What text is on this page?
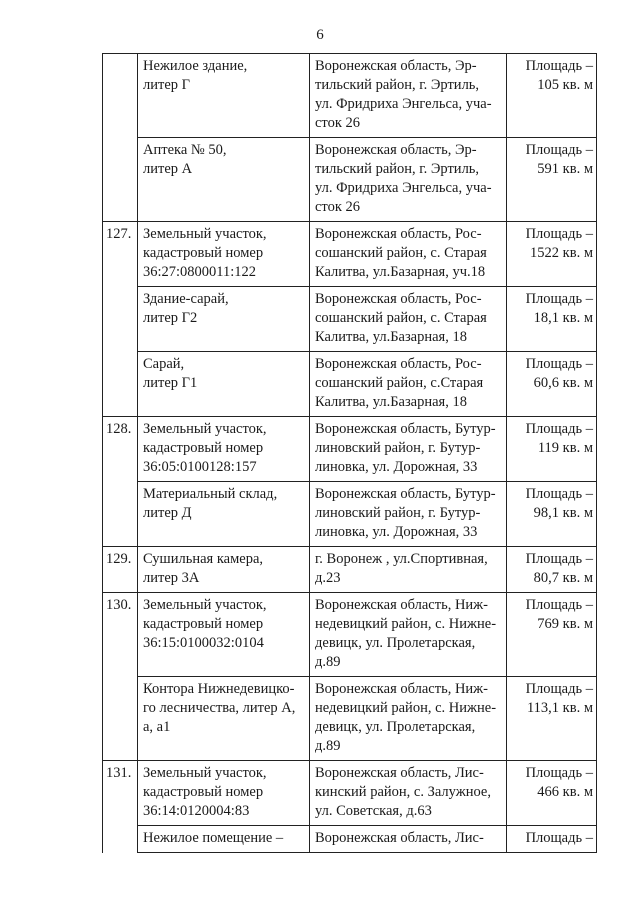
6
	Нежилое здание,
литер Г	Воронежская область, Эр-
тильский район, г. Эртиль,
ул. Фридриха Энгельса, уча-
сток 26	Площадь –
105 кв. м
	Аптека № 50,
литер А	Воронежская область, Эр-
тильский район, г. Эртиль,
ул. Фридриха Энгельса, уча-
сток 26	Площадь –
591 кв. м
127.	Земельный участок,
кадастровый номер
36:27:0800011:122	Воронежская область, Рос-
сошанский район, с. Старая
Калитва, ул.Базарная, уч.18	Площадь –
1522 кв. м
	Здание-сарай,
литер Г2	Воронежская область, Рос-
сошанский район, с. Старая
Калитва, ул.Базарная, 18	Площадь –
18,1 кв. м
	Сарай,
литер Г1	Воронежская область, Рос-
сошанский район, с.Старая
Калитва, ул.Базарная, 18	Площадь –
60,6 кв. м
128.	Земельный участок,
кадастровый номер
36:05:0100128:157	Воронежская область, Бутур-
линовский район, г. Бутур-
линовка, ул. Дорожная, 33	Площадь –
119 кв. м
	Материальный склад,
литер Д	Воронежская область, Бутур-
линовский район, г. Бутур-
линовка, ул. Дорожная, 33	Площадь –
98,1 кв. м
129.	Сушильная камера,
литер 3А	г. Воронеж , ул.Спортивная,
д.23	Площадь –
80,7 кв. м
130.	Земельный участок,
кадастровый номер
36:15:0100032:0104	Воронежская область, Ниж-
недевицкий район, с. Нижне-
девицк, ул. Пролетарская,
д.89	Площадь –
769 кв. м
	Контора Нижнедевицко-
го лесничества, литер А,
а, а1	Воронежская область, Ниж-
недевицкий район, с. Нижне-
девицк, ул. Пролетарская,
д.89	Площадь –
113,1 кв. м
131.	Земельный участок,
кадастровый номер
36:14:0120004:83	Воронежская область, Лис-
кинский район, с. Залужное,
ул. Советская, д.63	Площадь –
466 кв. м
	Нежилое помещение –	Воронежская область, Лис-	Площадь –
